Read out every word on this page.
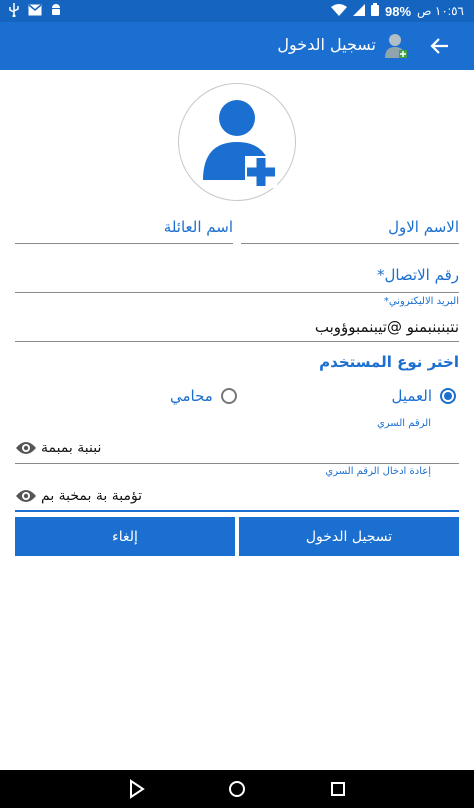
98% ١٠:٥٦ ص
تسجيل الدخول
الاسم الاول
اسم العائلة
رقم الاتصال*
البريد الاليكتروني*
نتبنبنبمنو @تيبنمبوؤوبب
اختر نوع المستخدم
العميل
محامي
الرقم السري
نبنبة بمبمة
إعادة ادخال الرقم السري
تؤمبة بة بمخبة بم
تسجيل الدخول
إلغاء
